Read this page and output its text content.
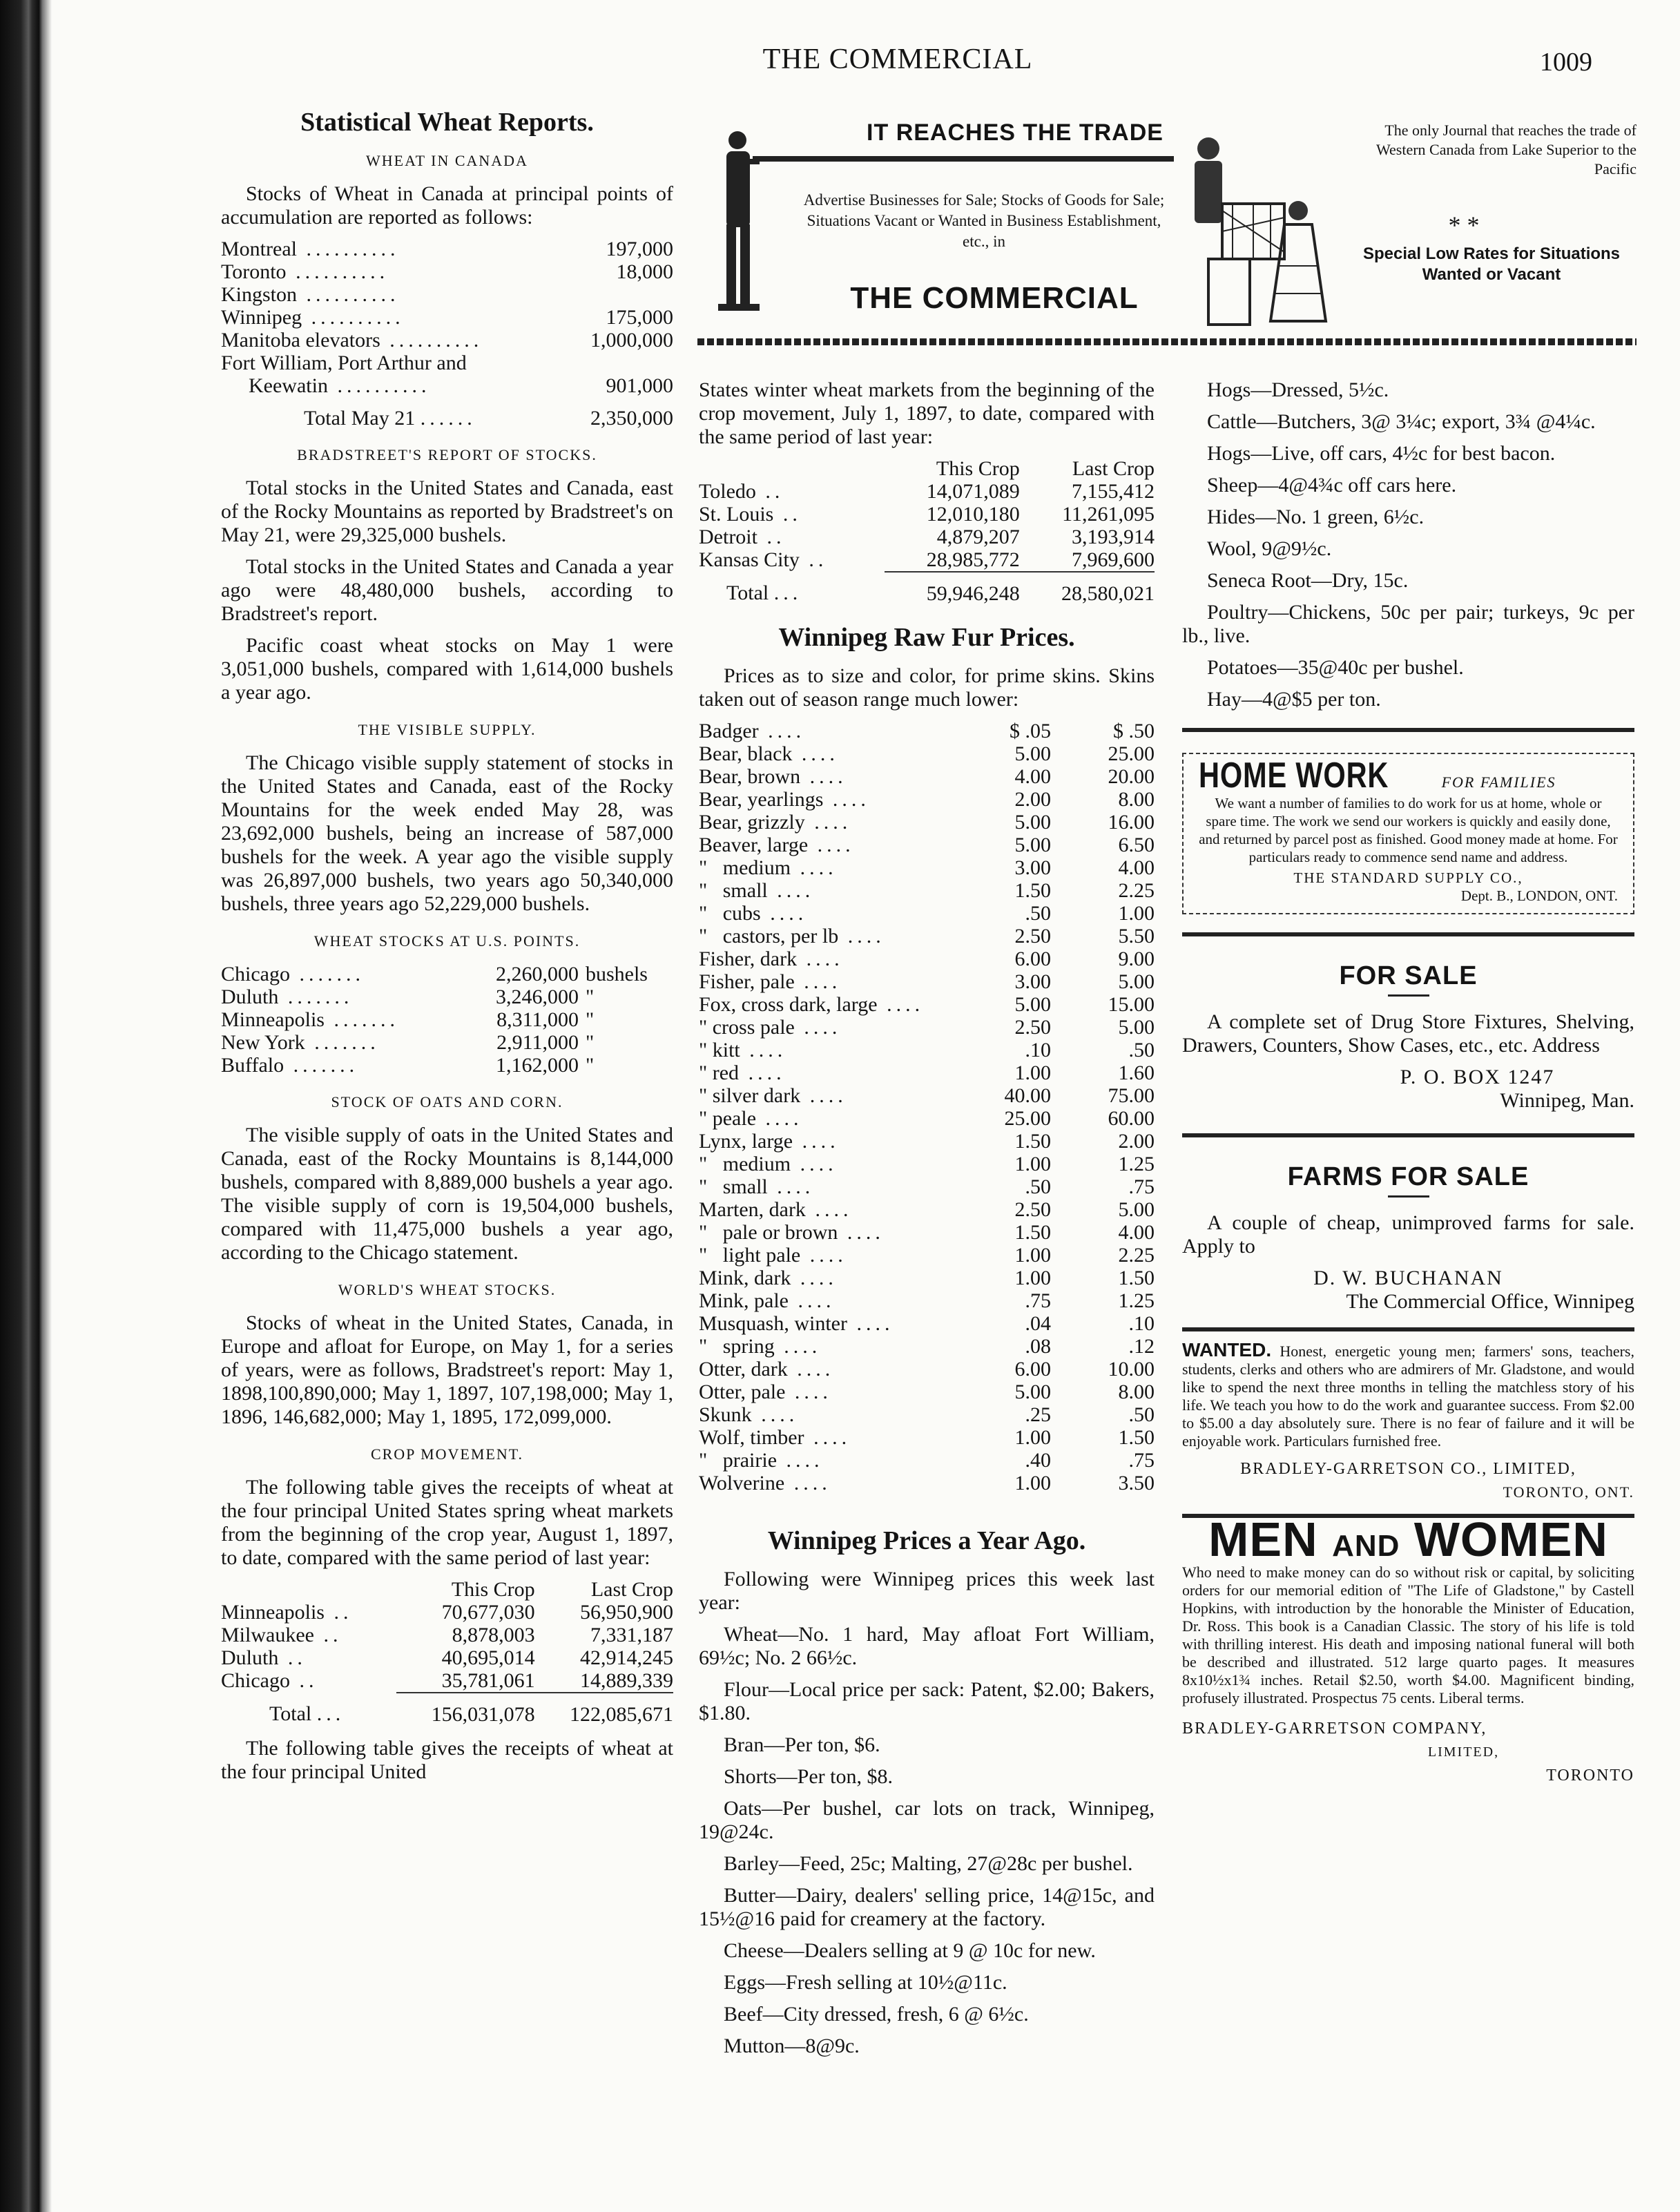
THE COMMERCIAL	1009
Statistical Wheat Reports.
WHEAT IN CANADA

Stocks of Wheat in Canada at principal points of accumulation are reported as follows:

Montreal ..........	197,000
Toronto ..........	18,000
Kingston ..........	
Winnipeg ..........	175,000
Manitoba elevators ..........	1,000,000
Fort William, Port Arthur and	
Keewatin ..........	901,000
Total May 21 ......	2,350,000
BRADSTREET'S REPORT OF STOCKS.

Total stocks in the United States and Canada, east of the Rocky Mountains as reported by Bradstreet's on May 21, were 29,325,000 bushels.

Total stocks in the United States and Canada a year ago were 48,480,000 bushels, according to Bradstreet's report.

Pacific coast wheat stocks on May 1 were 3,051,000 bushels, compared with 1,614,000 bushels a year ago.

THE VISIBLE SUPPLY.

The Chicago visible supply statement of stocks in the United States and Canada, east of the Rocky Mountains for the week ended May 28, was 23,692,000 bushels, being an increase of 587,000 bushels for the week. A year ago the visible supply was 26,897,000 bushels, two years ago 50,340,000 bushels, three years ago 52,229,000 bushels.

WHEAT STOCKS AT U.S. POINTS.
Chicago .......	2,260,000	bushels
Duluth .......	3,246,000	"
Minneapolis .......	8,311,000	"
New York .......	2,911,000	"
Buffalo .......	1,162,000	"
STOCK OF OATS AND CORN.

The visible supply of oats in the United States and Canada, east of the Rocky Mountains is 8,144,000 bushels, compared with 8,889,000 bushels a year ago. The visible supply of corn is 19,504,000 bushels, compared with 11,475,000 bushels a year ago, according to the Chicago statement.

WORLD'S WHEAT STOCKS.

Stocks of wheat in the United States, Canada, in Europe and afloat for Europe, on May 1, for a series of years, were as follows, Bradstreet's report: May 1, 1898,100,890,000; May 1, 1897, 107,198,000; May 1, 1896, 146,682,000; May 1, 1895, 172,099,000.

CROP MOVEMENT.

The following table gives the receipts of wheat at the four principal United States spring wheat markets from the beginning of the crop year, August 1, 1897, to date, compared with the same period of last year:

	This Crop	Last Crop
Minneapolis ..	70,677,030	56,950,900
Milwaukee ..	8,878,003	7,331,187
Duluth ..	40,695,014	42,914,245
Chicago ..	35,781,061	14,889,339
Total ...	156,031,078	122,085,671

The following table gives the receipts of wheat at the four principal United

IT REACHES THE TRADE
Advertise Businesses for Sale; Stocks of Goods for Sale; Situations Vacant or Wanted in Business Establishment, etc., in
THE COMMERCIAL
The only Journal that reaches the trade of Western Canada from Lake Superior to the Pacific
* *
Special Low Rates for Situations Wanted or Vacant

States winter wheat markets from the beginning of the crop movement, July 1, 1897, to date, compared with the same period of last year:

	This Crop	Last Crop
Toledo ..	14,071,089	7,155,412
St. Louis ..	12,010,180	11,261,095
Detroit ..	4,879,207	3,193,914
Kansas City ..	28,985,772	7,969,600
Total ...	59,946,248	28,580,021
Winnipeg Raw Fur Prices.

Prices as to size and color, for prime skins. Skins taken out of season range much lower:

Badger ....	$ .05	$ .50
Bear, black ....	5.00	25.00
Bear, brown ....	4.00	20.00
Bear, yearlings ....	2.00	8.00
Bear, grizzly ....	5.00	16.00
Beaver, large ....	5.00	6.50
"   medium ....	3.00	4.00
"   small ....	1.50	2.25
"   cubs ....	.50	1.00
"   castors, per lb ....	2.50	5.50
Fisher, dark ....	6.00	9.00
Fisher, pale ....	3.00	5.00
Fox, cross dark, large ....	5.00	15.00
" cross pale ....	2.50	5.00
" kitt ....	.10	.50
" red ....	1.00	1.60
" silver dark ....	40.00	75.00
" peale ....	25.00	60.00
Lynx, large ....	1.50	2.00
"   medium ....	1.00	1.25
"   small ....	.50	.75
Marten, dark ....	2.50	5.00
"   pale or brown ....	1.50	4.00
"   light pale ....	1.00	2.25
Mink, dark ....	1.00	1.50
Mink, pale ....	.75	1.25
Musquash, winter ....	.04	.10
"   spring ....	.08	.12
Otter, dark ....	6.00	10.00
Otter, pale ....	5.00	8.00
Skunk ....	.25	.50
Wolf, timber ....	1.00	1.50
"   prairie ....	.40	.75
Wolverine ....	1.00	3.50
Winnipeg Prices a Year Ago.

Following were Winnipeg prices this week last year:

Wheat—No. 1 hard, May afloat Fort William, 69½c; No. 2 66½c.

Flour—Local price per sack: Patent, $2.00; Bakers, $1.80.

Bran—Per ton, $6.

Shorts—Per ton, $8.

Oats—Per bushel, car lots on track, Winnipeg, 19@24c.

Barley—Feed, 25c; Malting, 27@28c per bushel.

Butter—Dairy, dealers' selling price, 14@15c, and 15½@16 paid for creamery at the factory.

Cheese—Dealers selling at 9 @ 10c for new.

Eggs—Fresh selling at 10½@11c.

Beef—City dressed, fresh, 6 @ 6½c.

Mutton—8@9c.

Hogs—Dressed, 5½c.

Cattle—Butchers, 3@ 3¼c; export, 3¾ @4¼c.

Hogs—Live, off cars, 4½c for best bacon.

Sheep—4@4¾c off cars here.

Hides—No. 1 green, 6½c.

Wool, 9@9½c.

Seneca Root—Dry, 15c.

Poultry—Chickens, 50c per pair; turkeys, 9c per lb., live.

Potatoes—35@40c per bushel.

Hay—4@$5 per ton.

HOME WORK	FOR FAMILIES
We want a number of families to do work for us at home, whole or spare time. The work we send our workers is quickly and easily done, and returned by parcel post as finished. Good money made at home. For particulars ready to commence send name and address.
THE STANDARD SUPPLY CO.,
Dept. B., LONDON, ONT.
FOR SALE

A complete set of Drug Store Fixtures, Shelving, Drawers, Counters, Show Cases, etc., etc. Address

P. O. BOX 1247
Winnipeg, Man.
FARMS FOR SALE

A couple of cheap, unimproved farms for sale. Apply to

D. W. BUCHANAN
The Commercial Office, Winnipeg
WANTED. Honest, energetic young men; farmers' sons, teachers, students, clerks and others who are admirers of Mr. Gladstone, and would like to spend the next three months in telling the matchless story of his life. We teach you how to do the work and guarantee success. From $2.00 to $5.00 a day absolutely sure. There is no fear of failure and it will be enjoyable work. Particulars furnished free.
BRADLEY-GARRETSON CO., LIMITED,
TORONTO, ONT.
MEN AND WOMEN
Who need to make money can do so without risk or capital, by soliciting orders for our memorial edition of "The Life of Gladstone," by Castell Hopkins, with introduction by the honorable the Minister of Education, Dr. Ross. This book is a Canadian Classic. The story of his life is told with thrilling interest. His death and imposing national funeral will both be described and illustrated. 512 large quarto pages. It measures 8x10½x1¾ inches. Retail $2.50, worth $4.00. Magnificent binding, profusely illustrated. Prospectus 75 cents. Liberal terms.
BRADLEY-GARRETSON COMPANY,
LIMITED,
TORONTO
